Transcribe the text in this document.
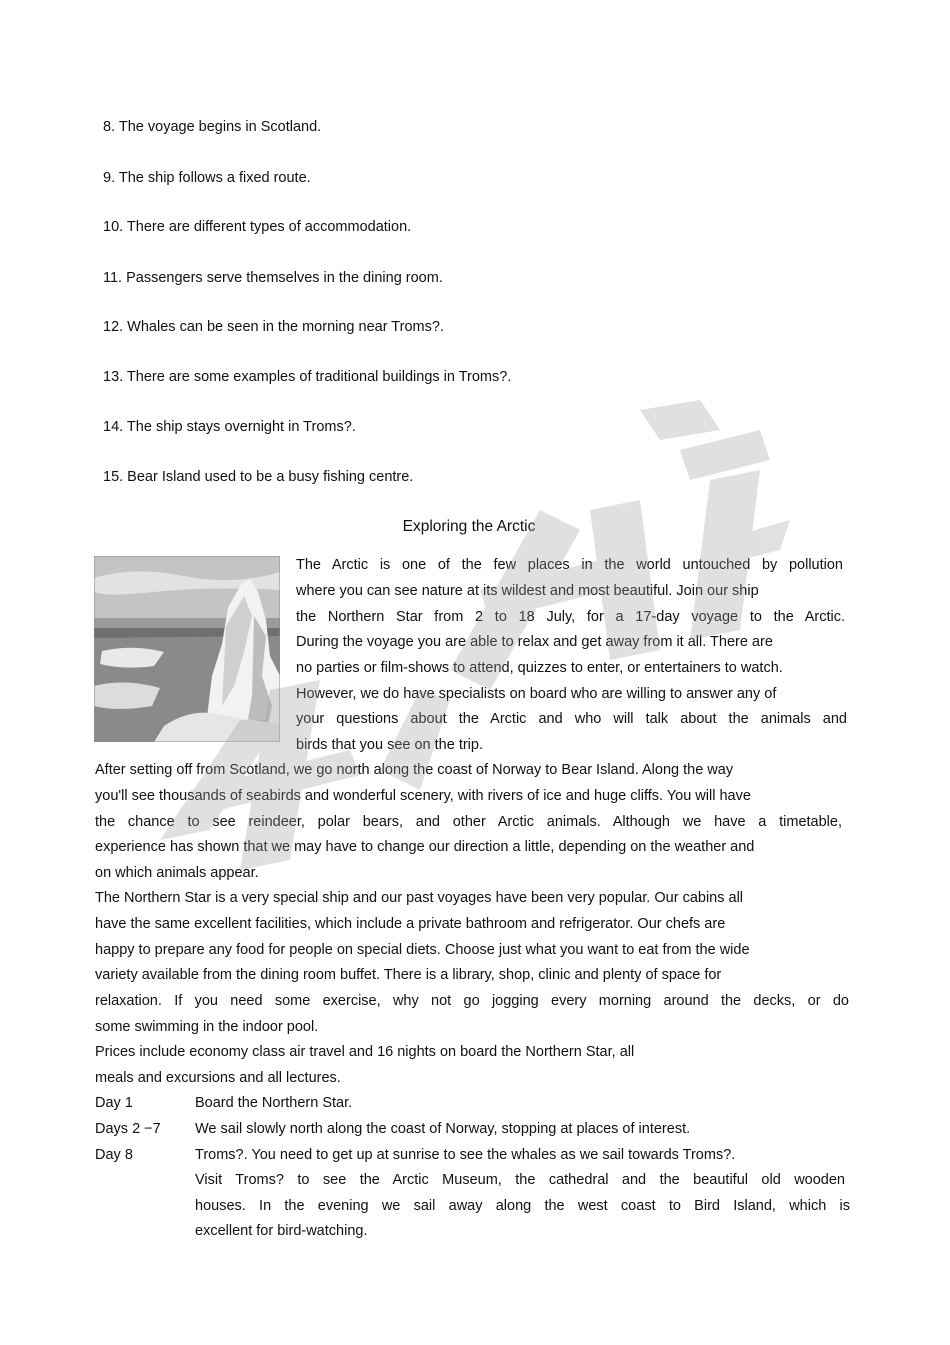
8. The voyage begins in Scotland.
9. The ship follows a fixed route.
10. There are different types of accommodation.
11. Passengers serve themselves in the dining room.
12. Whales can be seen in the morning near Troms?.
13. There are some examples of traditional buildings in Troms?.
14. The ship stays overnight in Troms?.
15. Bear Island used to be a busy fishing centre.
Exploring the Arctic
The Arctic is one of the few places in the world untouched by pollution
where you can see nature at its wildest and most beautiful. Join our ship
the Northern Star from 2 to 18 July, for a 17-day voyage to the Arctic.
During the voyage you are able to relax and get away from it all. There are
no parties or film-shows to attend, quizzes to enter, or entertainers to watch.
However, we do have specialists on board who are willing to answer any of
your questions about the Arctic and who will talk about the animals and
birds that you see on the trip.
After setting off from Scotland, we go north along the coast of Norway to Bear Island. Along the way
you'll see thousands of seabirds and wonderful scenery, with rivers of ice and huge cliffs. You will have
the chance to see reindeer, polar bears, and other Arctic animals. Although we have a timetable,
experience has shown that we may have to change our direction a little, depending on the weather and
on which animals appear.
The Northern Star is a very special ship and our past voyages have been very popular. Our cabins all
have the same excellent facilities, which include a private bathroom and refrigerator. Our chefs are
happy to prepare any food for people on special diets. Choose just what you want to eat from the wide
variety available from the dining room buffet. There is a library, shop, clinic and plenty of space for
relaxation. If you need some exercise, why not go jogging every morning around the decks, or do
some swimming in the indoor pool.
Prices include economy class air travel and 16 nights on board the Northern Star, all
meals and excursions and all lectures.
Day 1	Board the Northern Star.
Days 2 −7 We sail slowly north along the coast of Norway, stopping at places of interest.
Day 8	Troms?. You need to get up at sunrise to see the whales as we sail towards Troms?.
Visit Troms? to see the Arctic Museum, the cathedral and the beautiful old wooden
houses. In the evening we sail away along the west coast to Bird Island, which is
excellent for bird-watching.
